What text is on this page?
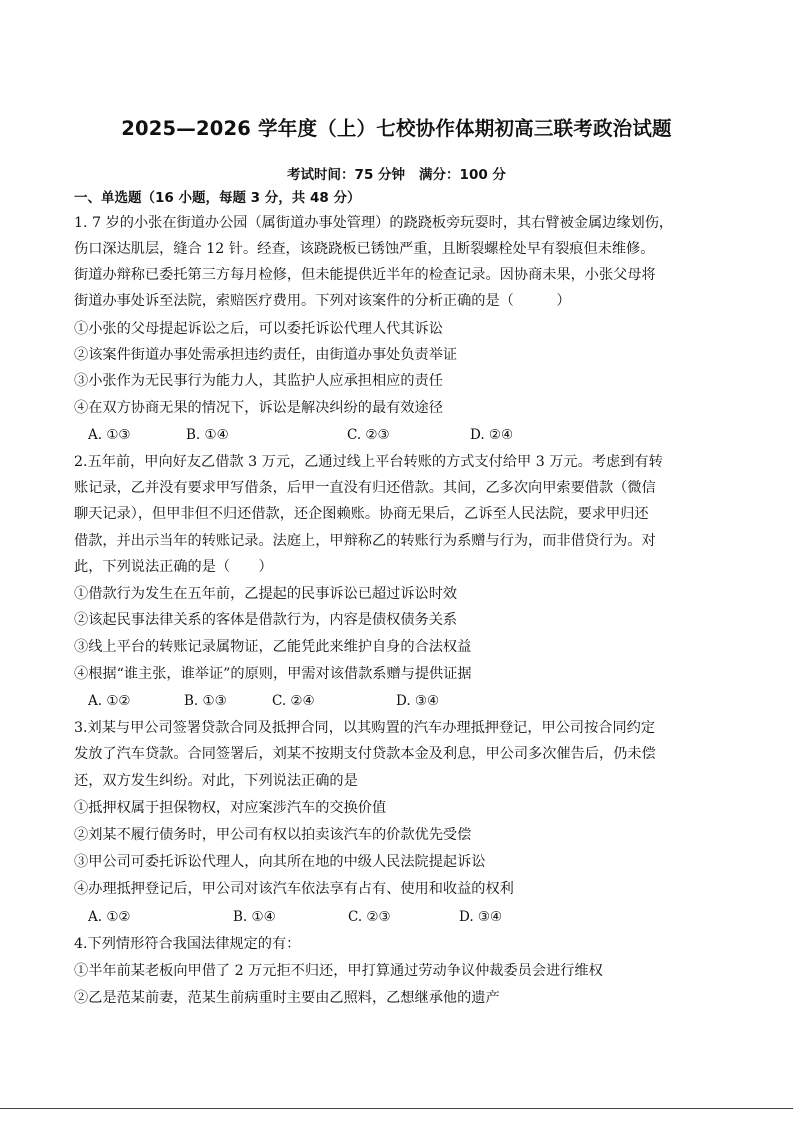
2025—2026 学年度（上）七校协作体期初高三联考政治试题
考试时间：75 分钟 满分：100 分
一、单选题（16 小题，每题 3 分，共 48 分）
1. 7 岁的小张在街道办公园（属街道办事处管理）的跷跷板旁玩耍时，其右臂被金属边缘划伤，
伤口深达肌层，缝合 12 针。经查，该跷跷板已锈蚀严重，且断裂螺栓处早有裂痕但未维修。
街道办辩称已委托第三方每月检修，但未能提供近半年的检查记录。因协商未果，小张父母将
街道办事处诉至法院，索赔医疗费用。下列对该案件的分析正确的是（　　　）
①小张的父母提起诉讼之后，可以委托诉讼代理人代其诉讼
②该案件街道办事处需承担违约责任，由街道办事处负责举证
③小张作为无民事行为能力人，其监护人应承担相应的责任
④在双方协商无果的情况下，诉讼是解决纠纷的最有效途径
A. ①③	B. ①④	C. ②③	D. ②④
2.五年前，甲向好友乙借款 3 万元，乙通过线上平台转账的方式支付给甲 3 万元。考虑到有转
账记录，乙并没有要求甲写借条，后甲一直没有归还借款。其间，乙多次向甲索要借款（微信
聊天记录），但甲非但不归还借款，还企图赖账。协商无果后，乙诉至人民法院，要求甲归还
借款，并出示当年的转账记录。法庭上，甲辩称乙的转账行为系赠与行为，而非借贷行为。对
此，下列说法正确的是（　　）
①借款行为发生在五年前，乙提起的民事诉讼已超过诉讼时效
②该起民事法律关系的客体是借款行为，内容是债权债务关系
③线上平台的转账记录属物证，乙能凭此来维护自身的合法权益
④根据“谁主张，谁举证”的原则，甲需对该借款系赠与提供证据
A. ①②	B. ①③	C. ②④	D. ③④
3.刘某与甲公司签署贷款合同及抵押合同，以其购置的汽车办理抵押登记，甲公司按合同约定
发放了汽车贷款。合同签署后，刘某不按期支付贷款本金及利息，甲公司多次催告后，仍未偿
还，双方发生纠纷。对此，下列说法正确的是
①抵押权属于担保物权，对应案涉汽车的交换价值
②刘某不履行债务时，甲公司有权以拍卖该汽车的价款优先受偿
③甲公司可委托诉讼代理人，向其所在地的中级人民法院提起诉讼
④办理抵押登记后，甲公司对该汽车依法享有占有、使用和收益的权利
A. ①②	B. ①④	C. ②③	D. ③④
4.下列情形符合我国法律规定的有：
①半年前某老板向甲借了 2 万元拒不归还，甲打算通过劳动争议仲裁委员会进行维权
②乙是范某前妻，范某生前病重时主要由乙照料，乙想继承他的遗产
